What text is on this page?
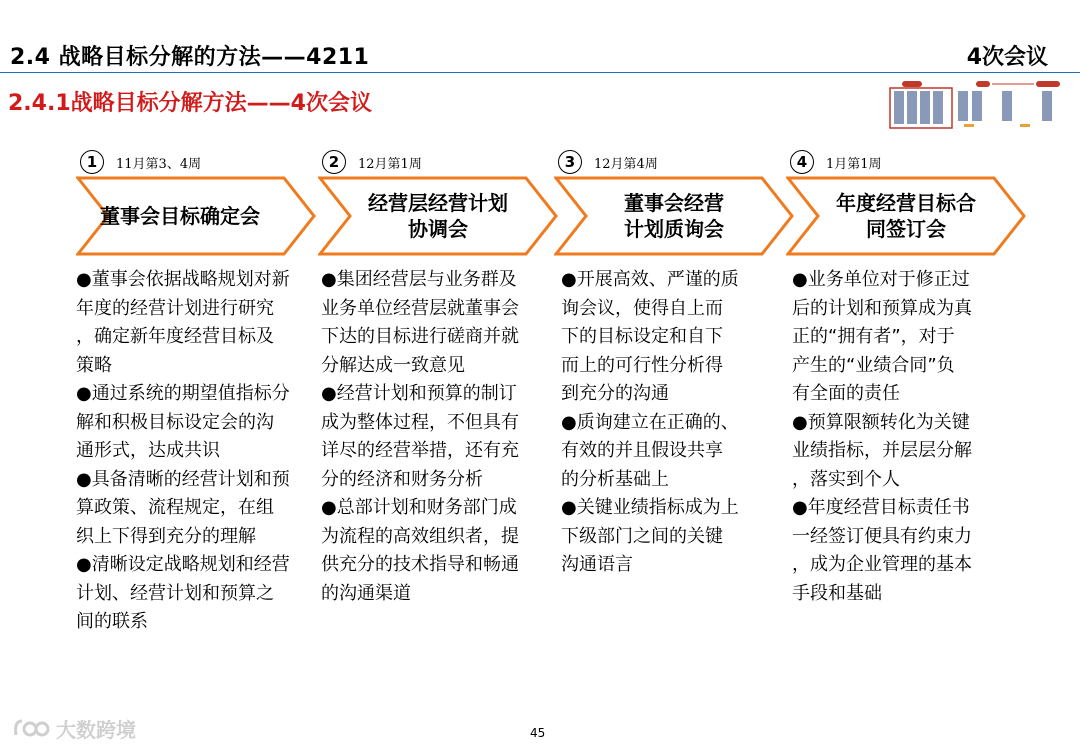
2.4 战略目标分解的方法——4211	4次会议
2.4.1战略目标分解方法——4次会议
1	11月第3、4周
董事会目标确定会
●董事会依据战略规划对新
年度的经营计划进行研究
，确定新年度经营目标及
策略
●通过系统的期望值指标分
解和积极目标设定会的沟
通形式，达成共识
●具备清晰的经营计划和预
算政策、流程规定，在组
织上下得到充分的理解
●清晰设定战略规划和经营
计划、经营计划和预算之
间的联系
2	12月第1周
经营层经营计划
协调会
●集团经营层与业务群及
业务单位经营层就董事会
下达的目标进行磋商并就
分解达成一致意见
●经营计划和预算的制订
成为整体过程，不但具有
详尽的经营举措，还有充
分的经济和财务分析
●总部计划和财务部门成
为流程的高效组织者，提
供充分的技术指导和畅通
的沟通渠道
3	12月第4周
董事会经营
计划质询会
●开展高效、严谨的质
询会议，使得自上而
下的目标设定和自下
而上的可行性分析得
到充分的沟通
●质询建立在正确的、
有效的并且假设共享
的分析基础上
●关键业绩指标成为上
下级部门之间的关键
沟通语言
4	1月第1周
年度经营目标合
同签订会
●业务单位对于修正过
后的计划和预算成为真
正的“拥有者”，对于
产生的“业绩合同”负
有全面的责任
●预算限额转化为关键
业绩指标，并层层分解
，落实到个人
●年度经营目标责任书
一经签订便具有约束力
，成为企业管理的基本
手段和基础
45
大数跨境
